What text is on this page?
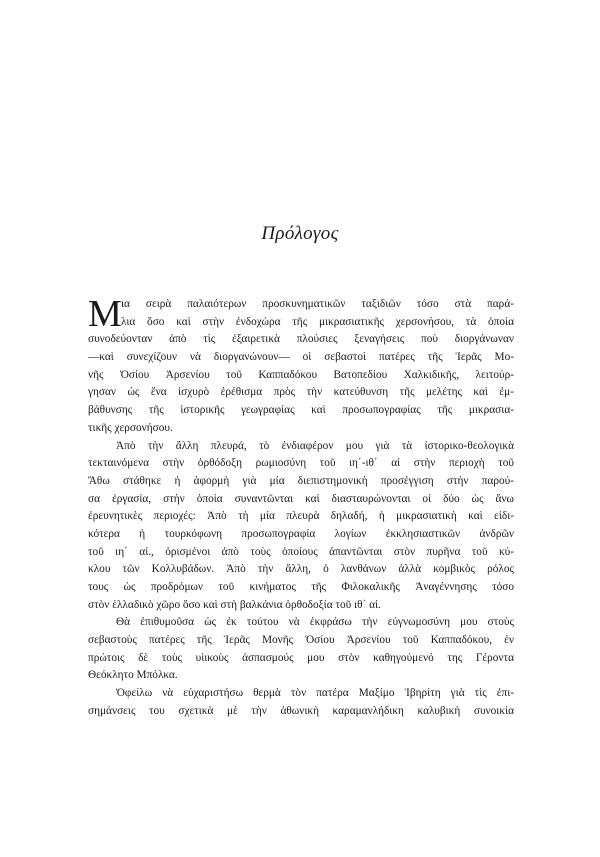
Πρόλογος
Μ ια σειρὰ παλαιότερων προσκυνηματικῶν ταξιδιῶν τόσο στὰ παρά-
λια ὅσο καὶ στὴν ἐνδοχώρα τῆς μικρασιατικῆς χερσονήσου, τὰ ὁποία
συνοδεύονταν ἀπὸ τὶς ἐξαιρετικὰ πλούσιες ξεναγήσεις ποὺ διοργάνωναν
—καὶ συνεχίζουν νὰ διοργανώνουν— οἱ σεβαστοὶ πατέρες τῆς Ἱερᾶς Μο-
νῆς Ὁσίου Ἀρσενίου τοῦ Καππαδόκου Βατοπεδίου Χαλκιδικῆς, λειτούρ-
γησαν ὡς ἕνα ἰσχυρὸ ἐρέθισμα πρὸς τὴν κατεύθυνση τῆς μελέτης καὶ ἐμ-
βάθυνσης τῆς ἱστορικῆς γεωγραφίας καὶ προσωπογραφίας τῆς μικρασια-
τικῆς χερσονήσου.
Ἀπὸ τὴν ἄλλη πλευρά, τὸ ἐνδιαφέρον μου γιὰ τὰ ἱστορικο-θεολογικὰ
τεκταινόμενα στὴν ὀρθόδοξη ρωμιοσύνη τοῦ ιη΄-ιθ΄ αἰ στὴν περιοχὴ τοῦ
Ἄθω στάθηκε ἡ ἀφορμὴ γιὰ μία διεπιστημονικὴ προσέγγιση στὴν παρού-
σα ἐργασία, στὴν ὁποία συναντῶνται καὶ διασταυρώνονται οἱ δύο ὡς ἄνω
ἐρευνητικὲς περιοχές: Ἀπὸ τὴ μία πλευρὰ δηλαδή, ἡ μικρασιατικὴ καὶ εἰδι-
κότερα ἡ τουρκόφωνη προσωπογραφία λογίων ἐκκλησιαστικῶν ἀνδρῶν
τοῦ ιη΄ αἰ., ὁρισμένοι ἀπὸ τοὺς ὁποίους ἀπαντῶνται στὸν πυρῆνα τοῦ κύ-
κλου τῶν Κολλυβάδων. Ἀπὸ τὴν ἄλλη, ὁ λανθάνων ἀλλὰ κομβικὸς ρόλος
τους ὡς προδρόμων τοῦ κινήματος τῆς Φιλοκαλικῆς Ἀναγέννησης τόσο
στὸν ἑλλαδικὸ χῶρο ὅσο καὶ στὴ βαλκάνια ὀρθοδοξία τοῦ ιθ΄ αἰ.
Θὰ ἐπιθυμοῦσα ὡς ἐκ τούτου νὰ ἐκφράσω τὴν εὐγνωμοσύνη μου στοὺς
σεβαστοὺς πατέρες τῆς Ἱερᾶς Μονῆς Ὁσίου Ἀρσενίου τοῦ Καππαδόκου, ἐν
πρώτοις δὲ τοὺς υἱικοὺς ἀσπασμούς μου στὸν καθηγούμενό της Γέροντα
Θεόκλητο Μπόλκα.
Ὀφείλω νὰ εὐχαριστήσω θερμὰ τὸν πατέρα Μαξίμο Ἰβηρίτη γιὰ τὶς ἐπι-
σημάνσεις του σχετικὰ μὲ τὴν ἀθωνικὴ καραμανλήδικη καλυβικὴ συνοικία
